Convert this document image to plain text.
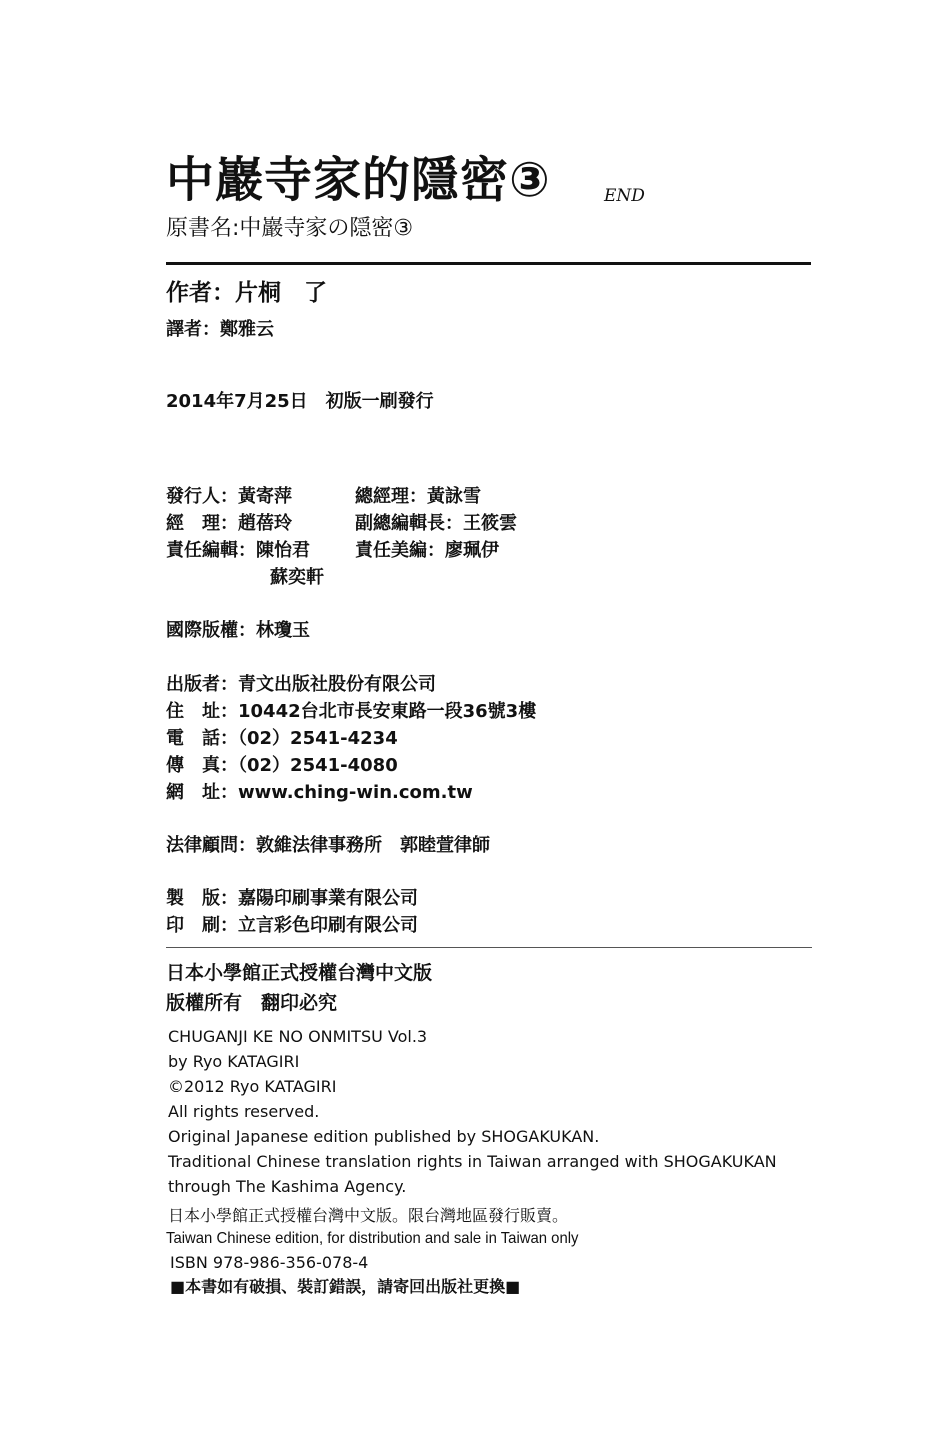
中巖寺家的隱密③	END
原書名:中巖寺家の隠密③
作者：片桐　了
譯者：鄭雅云
2014年7月25日　初版一刷發行
發行人：黃寄萍	總經理：黃詠雪
經　理：趙蓓玲	副總編輯長：王筱雲
責任編輯：陳怡君	責任美編：廖珮伊
蘇奕軒
國際版權：林瓊玉
出版者：青文出版社股份有限公司
住　址：10442台北市長安東路一段36號3樓
電　話：（02）2541-4234
傳　真：（02）2541-4080
網　址：www.ching-win.com.tw
法律顧問：敦維法律事務所　郭睦萱律師
製　版：嘉陽印刷事業有限公司
印　刷：立言彩色印刷有限公司
日本小學館正式授權台灣中文版
版權所有　翻印必究
CHUGANJI KE NO ONMITSU Vol.3
by Ryo KATAGIRI
©2012 Ryo KATAGIRI
All rights reserved.
Original Japanese edition published by SHOGAKUKAN.
Traditional Chinese translation rights in Taiwan arranged with SHOGAKUKAN
through The Kashima Agency.
日本小學館正式授權台灣中文版。限台灣地區發行販賣。
Taiwan Chinese edition, for distribution and sale in Taiwan only
ISBN 978-986-356-078-4
■本書如有破損、裝訂錯誤，請寄回出版社更換■
